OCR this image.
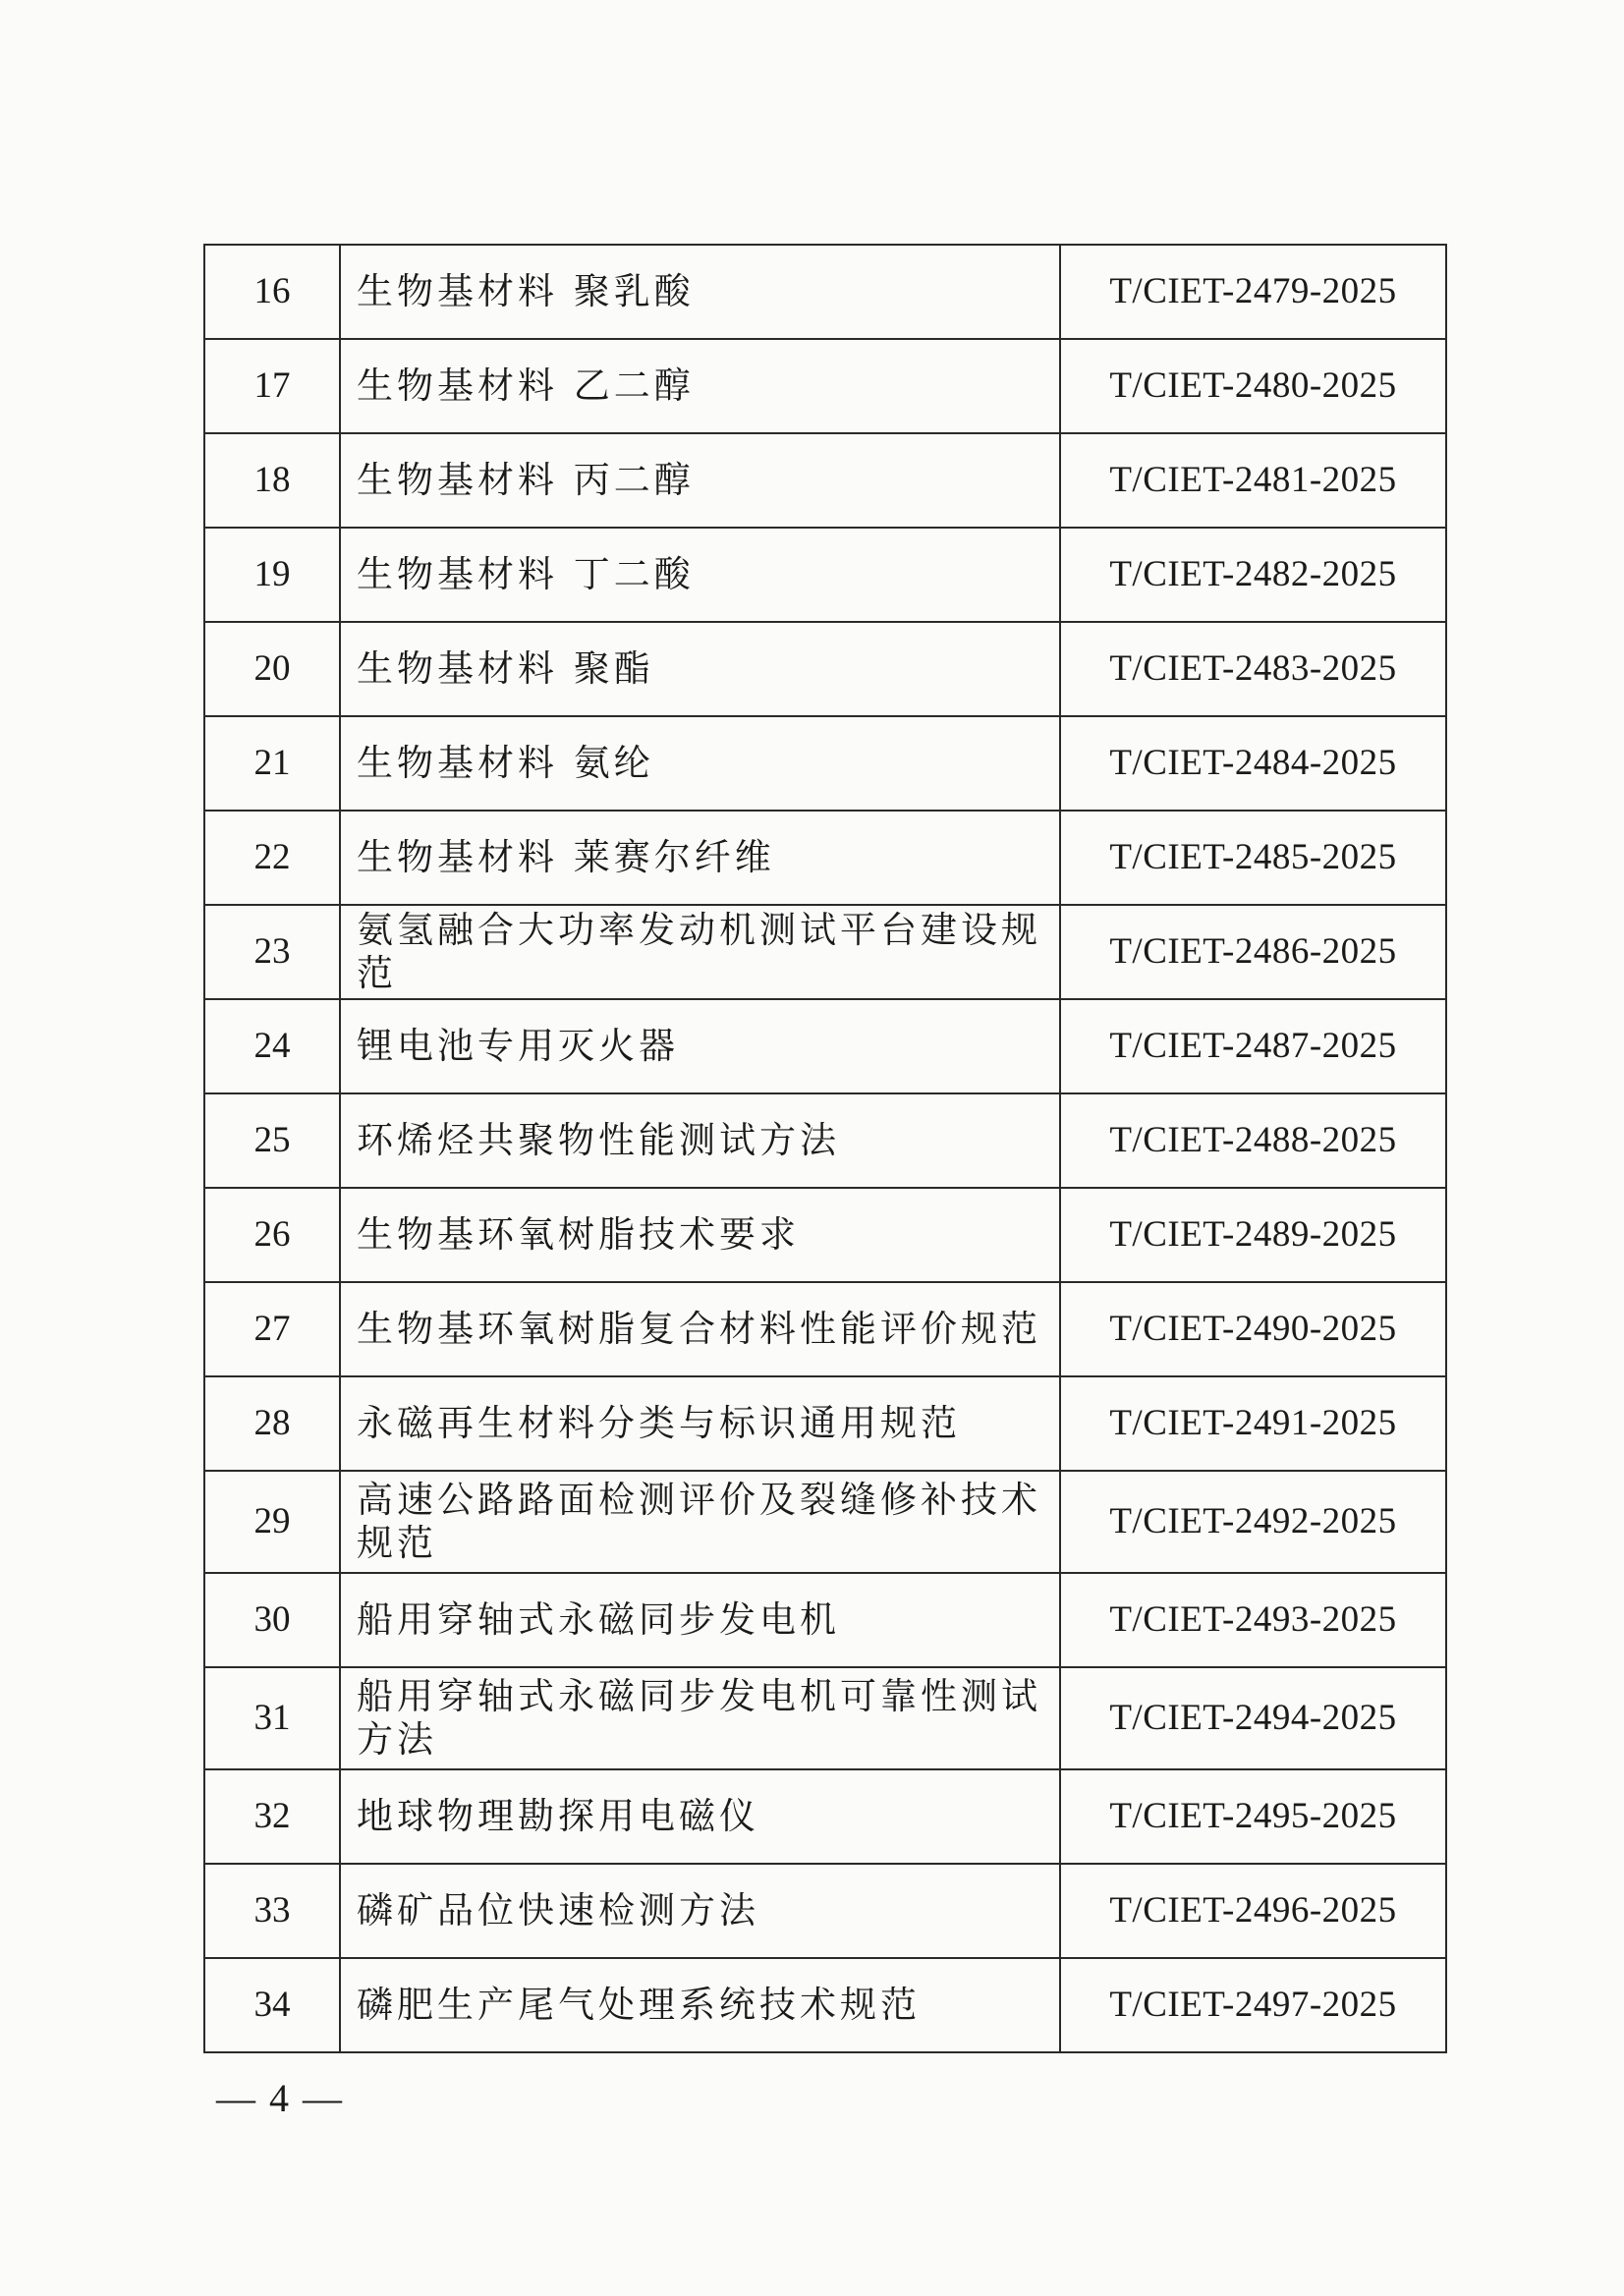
16	生物基材料 聚乳酸	T/CIET-2479-2025
17	生物基材料 乙二醇	T/CIET-2480-2025
18	生物基材料 丙二醇	T/CIET-2481-2025
19	生物基材料 丁二酸	T/CIET-2482-2025
20	生物基材料 聚酯	T/CIET-2483-2025
21	生物基材料 氨纶	T/CIET-2484-2025
22	生物基材料 莱赛尔纤维	T/CIET-2485-2025
23	氨氢融合大功率发动机测试平台建设规范	T/CIET-2486-2025
24	锂电池专用灭火器	T/CIET-2487-2025
25	环烯烃共聚物性能测试方法	T/CIET-2488-2025
26	生物基环氧树脂技术要求	T/CIET-2489-2025
27	生物基环氧树脂复合材料性能评价规范	T/CIET-2490-2025
28	永磁再生材料分类与标识通用规范	T/CIET-2491-2025
29	高速公路路面检测评价及裂缝修补技术规范	T/CIET-2492-2025
30	船用穿轴式永磁同步发电机	T/CIET-2493-2025
31	船用穿轴式永磁同步发电机可靠性测试方法	T/CIET-2494-2025
32	地球物理勘探用电磁仪	T/CIET-2495-2025
33	磷矿品位快速检测方法	T/CIET-2496-2025
34	磷肥生产尾气处理系统技术规范	T/CIET-2497-2025
— 4 —
